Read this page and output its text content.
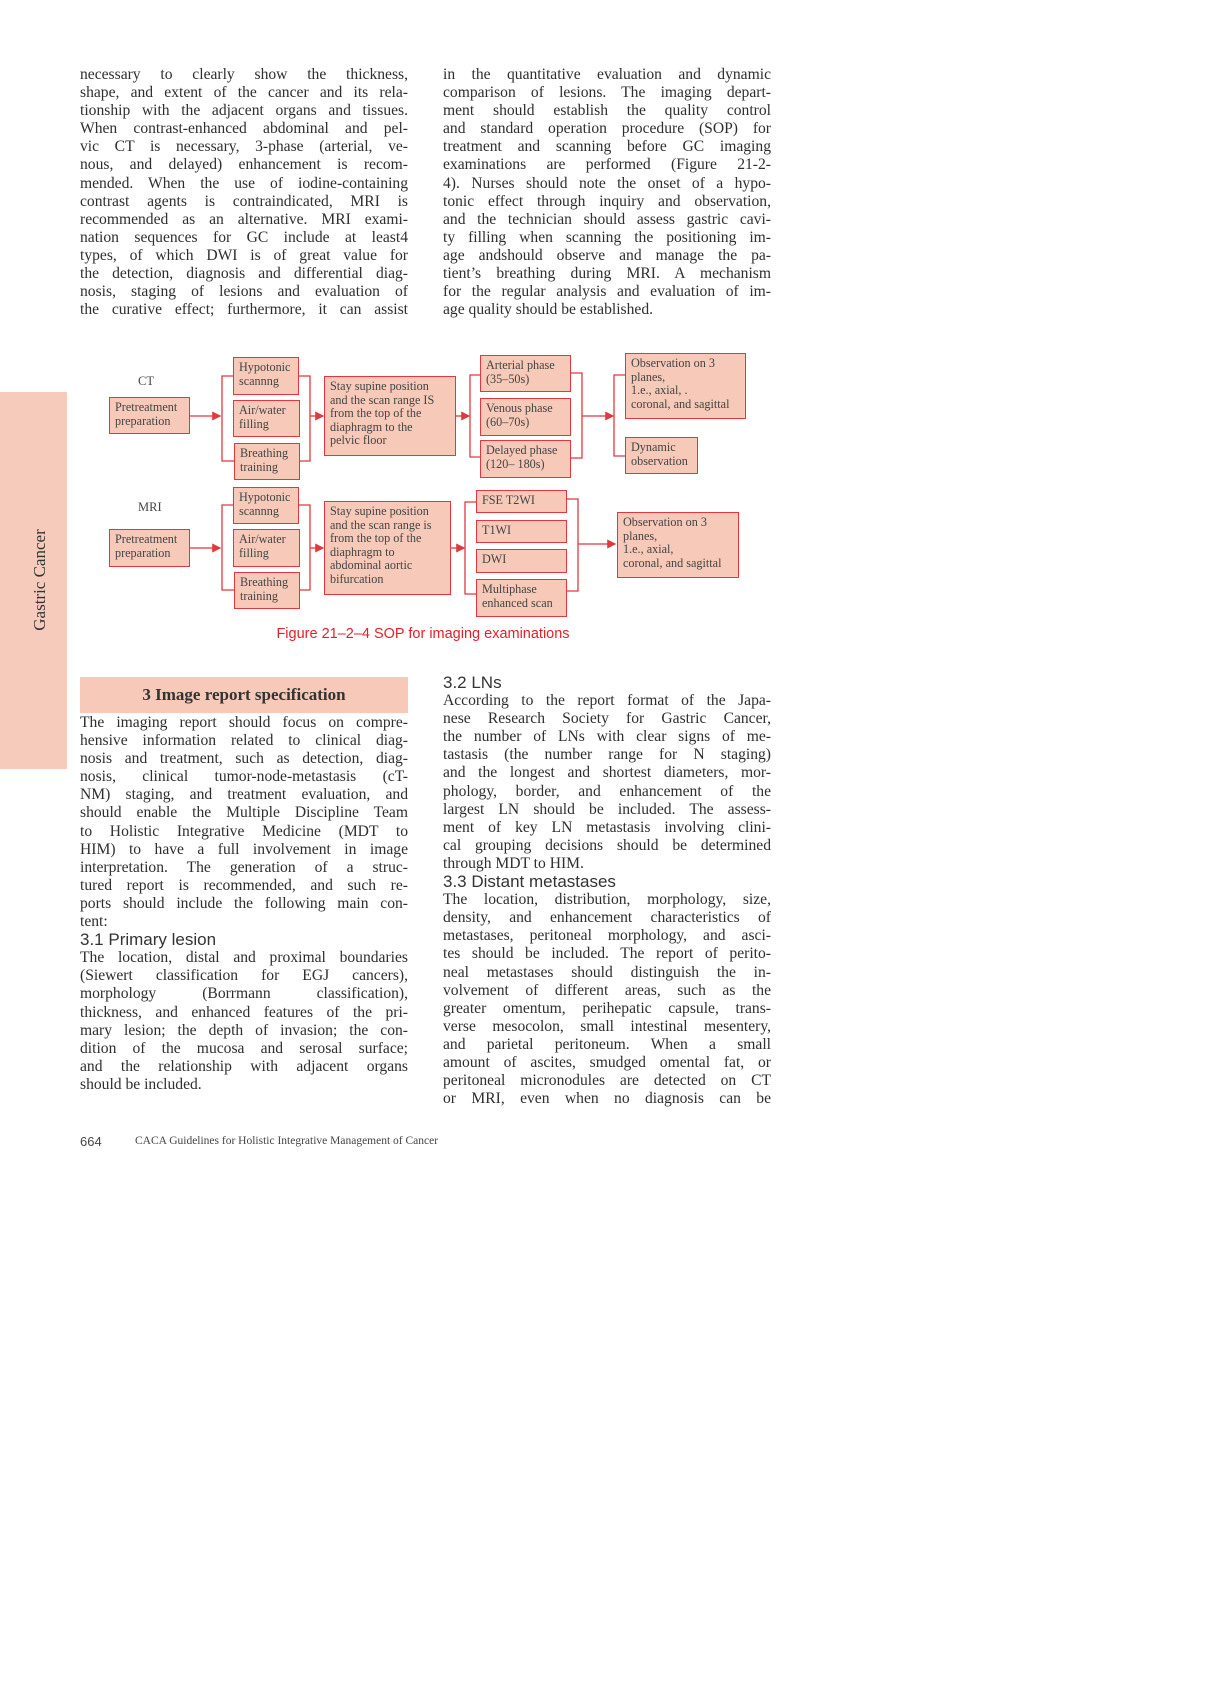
Gastric Cancer
necessary to clearly show the thickness,
shape, and extent of the cancer and its rela-
tionship with the adjacent organs and tissues.
When contrast-enhanced abdominal and pel-
vic CT is necessary, 3-phase (arterial, ve-
nous, and delayed) enhancement is recom-
mended. When the use of iodine-containing
contrast agents is contraindicated, MRI is
recommended as an alternative. MRI exami-
nation sequences for GC include at least4
types, of which DWI is of great value for
the detection, diagnosis and differential diag-
nosis, staging of lesions and evaluation of
the curative effect; furthermore, it can assist
in the quantitative evaluation and dynamic
comparison of lesions. The imaging depart-
ment should establish the quality control
and standard operation procedure (SOP) for
treatment and scanning before GC imaging
examinations are performed (Figure 21-2-
4). Nurses should note the onset of a hypo-
tonic effect through inquiry and observation,
and the technician should assess gastric cavi-
ty filling when scanning the positioning im-
age andshould observe and manage the pa-
tient’s breathing during MRI. A mechanism
for the regular analysis and evaluation of im-
age quality should be established.
CT
MRI
Pretreatment
preparation
Hypotonic
scannng
Air/water
filling
Breathing
training
Stay supine position
and the scan range IS
from the top of the
diaphragm to the
pelvic floor
Arterial phase
(35–50s)
Venous phase
(60–70s)
Delayed phase
(120– 180s)
Observation on 3
planes,
1.e., axial, .
coronal, and sagittal
Dynamic
observation
Pretreatment
preparation
Hypotonic
scannng
Air/water
filling
Breathing
training
Stay supine position
and the scan range is
from the top of the
diaphragm to
abdominal aortic
bifurcation
FSE T2WI
T1WI
DWI
Multiphase
enhanced scan
Observation on 3
planes,
1.e., axial,
coronal, and sagittal
Figure 21–2–4 SOP for imaging examinations
3 Image report specification
The imaging report should focus on compre-
hensive information related to clinical diag-
nosis and treatment, such as detection, diag-
nosis, clinical tumor-node-metastasis (cT-
NM) staging, and treatment evaluation, and
should enable the Multiple Discipline Team
to Holistic Integrative Medicine (MDT to
HIM) to have a full involvement in image
interpretation. The generation of a struc-
tured report is recommended, and such re-
ports should include the following main con-
tent:
3.1 Primary lesion
The location, distal and proximal boundaries
(Siewert classification for EGJ cancers),
morphology (Borrmann classification),
thickness, and enhanced features of the pri-
mary lesion; the depth of invasion; the con-
dition of the mucosa and serosal surface;
and the relationship with adjacent organs
should be included.
3.2 LNs
According to the report format of the Japa-
nese Research Society for Gastric Cancer,
the number of LNs with clear signs of me-
tastasis (the number range for N staging)
and the longest and shortest diameters, mor-
phology, border, and enhancement of the
largest LN should be included. The assess-
ment of key LN metastasis involving clini-
cal grouping decisions should be determined
through MDT to HIM.
3.3 Distant metastases
The location, distribution, morphology, size,
density, and enhancement characteristics of
metastases, peritoneal morphology, and asci-
tes should be included. The report of perito-
neal metastases should distinguish the in-
volvement of different areas, such as the
greater omentum, perihepatic capsule, trans-
verse mesocolon, small intestinal mesentery,
and parietal peritoneum. When a small
amount of ascites, smudged omental fat, or
peritoneal micronodules are detected on CT
or MRI, even when no diagnosis can be
664	CACA Guidelines for Holistic Integrative Management of Cancer
